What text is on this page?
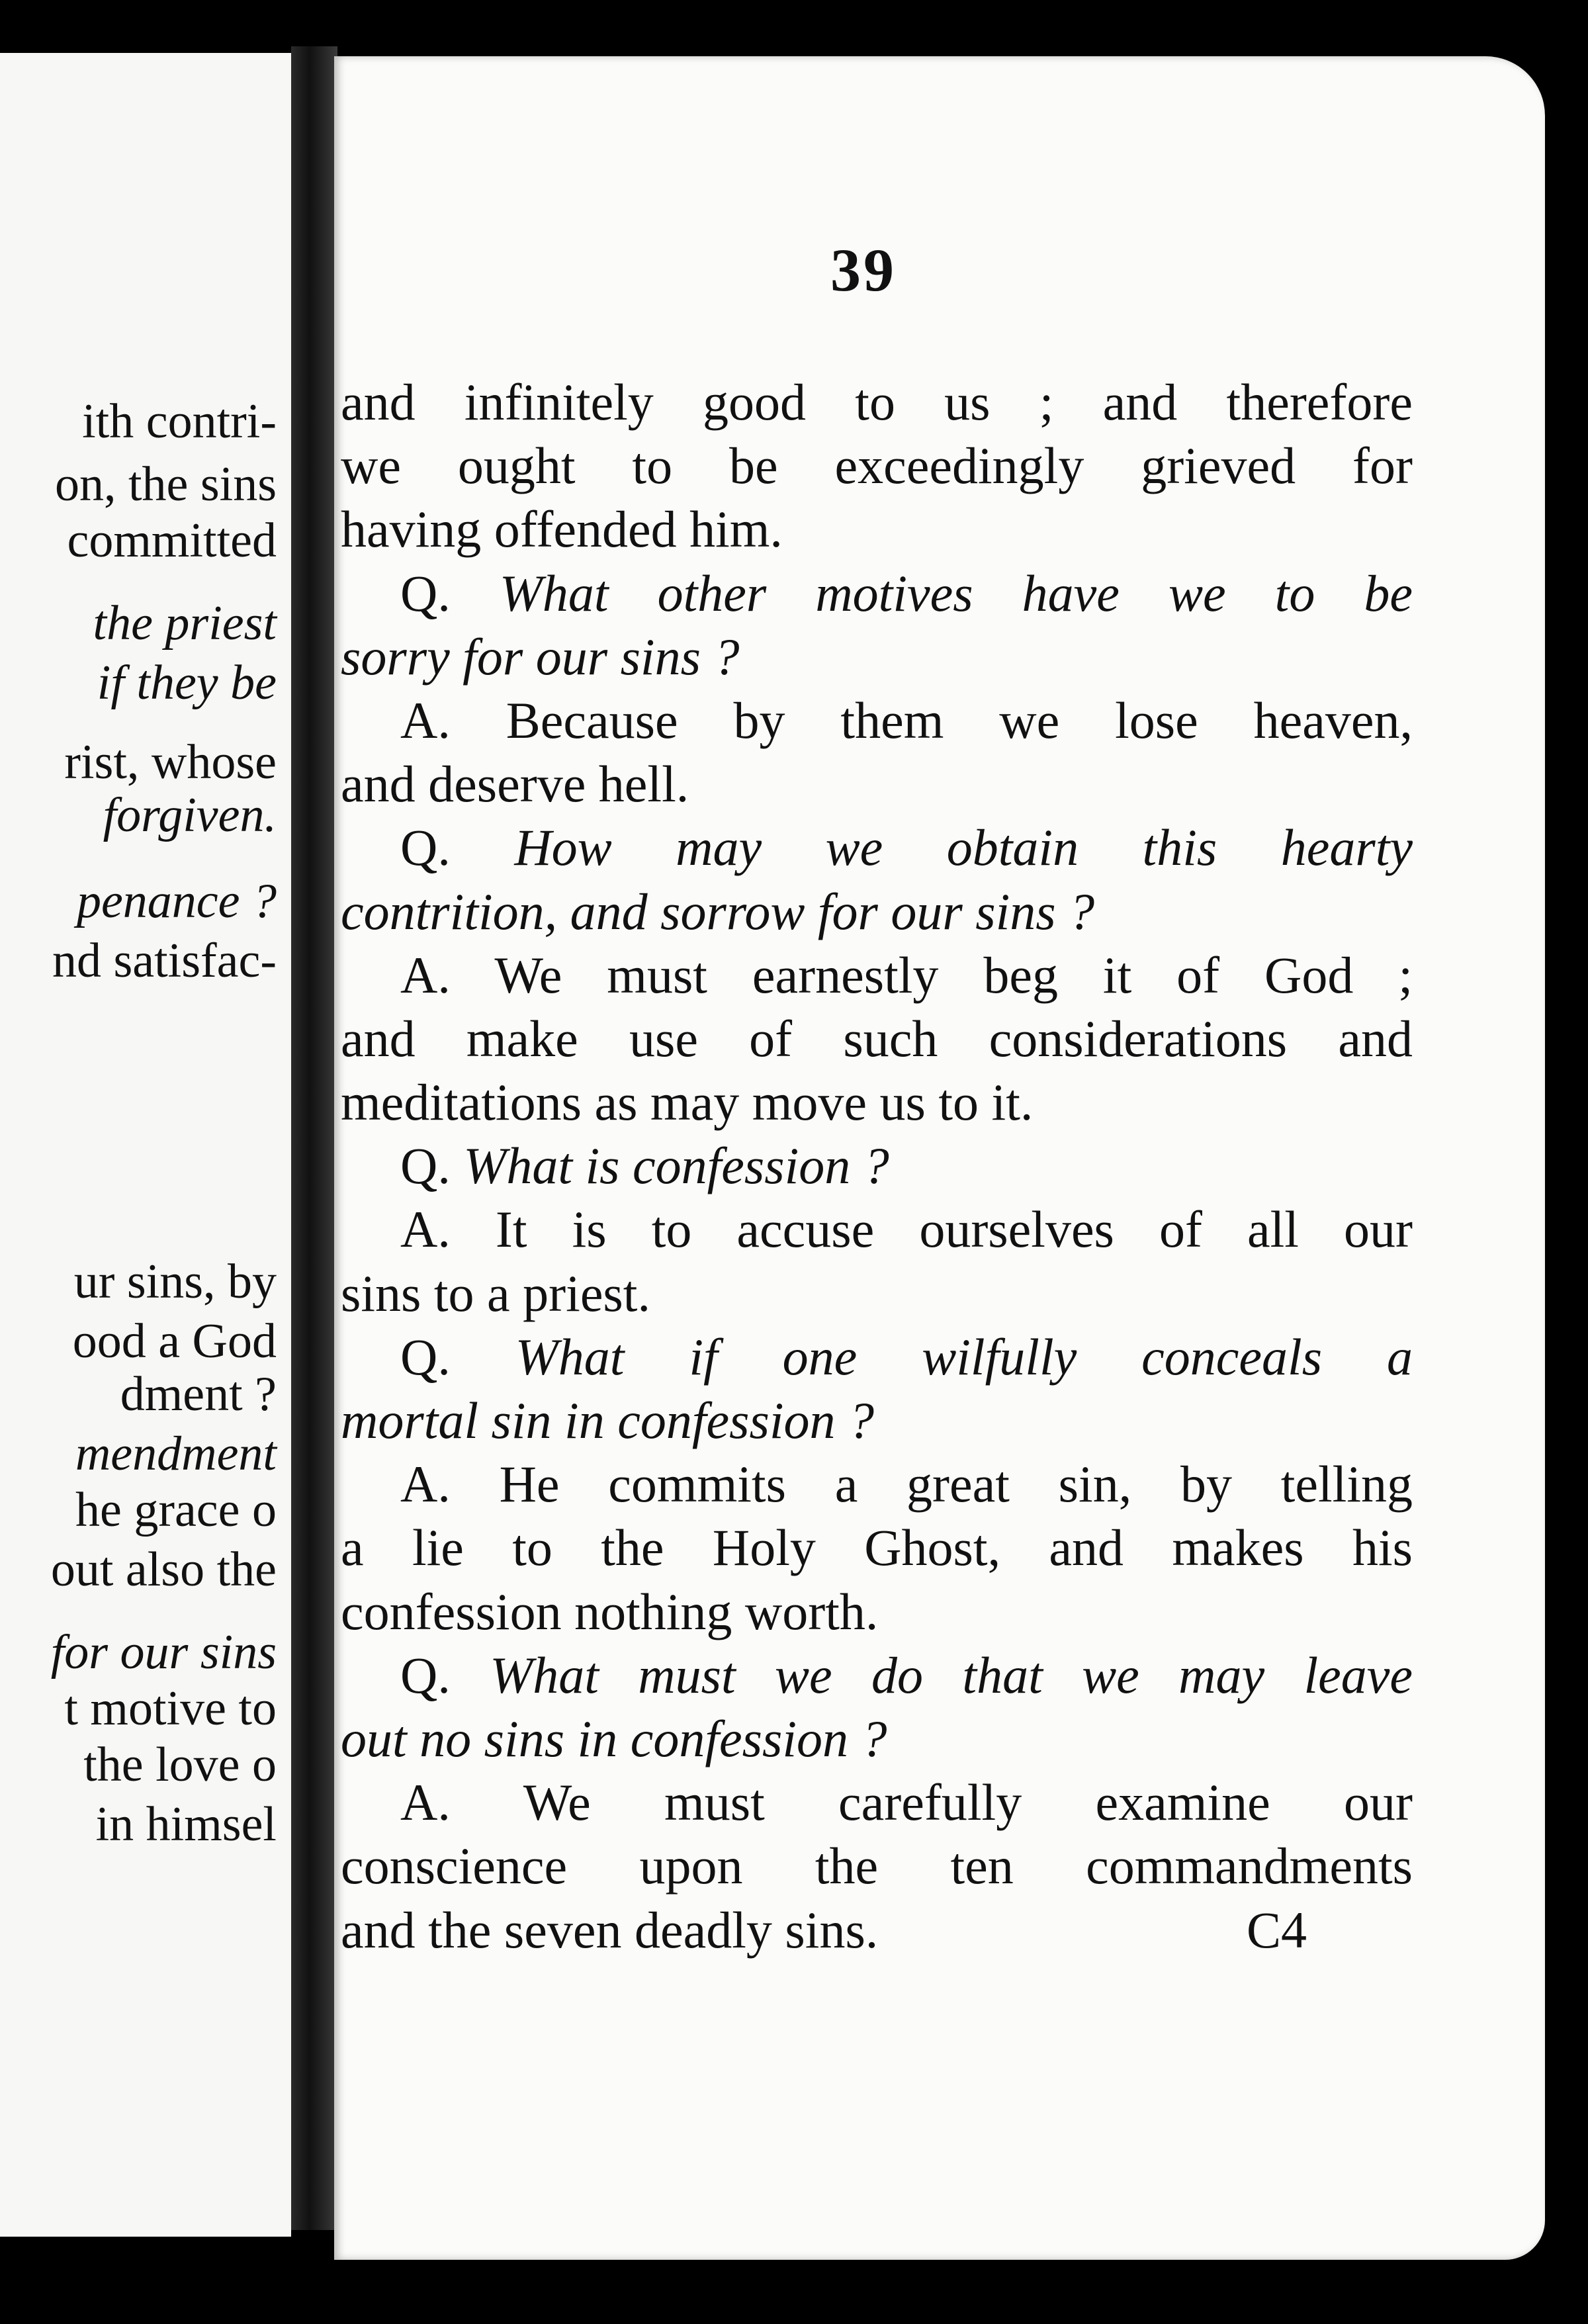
ith contri-
on, the sins
committed
the priest
if they be
rist, whose
forgiven.
penance ?
nd satisfac-
ur sins, by
ood a God
dment ?
mendment
he grace o
out also the
for our sins
t motive to
the love o
in himsel
39
and infinitely good to us ; and therefore
we ought to be exceedingly grieved for
having offended him.
Q. What other motives have we to be
sorry for our sins ?
A. Because by them we lose heaven,
and deserve hell.
Q. How may we obtain this hearty
contrition, and sorrow for our sins ?
A. We must earnestly beg it of God ;
and make use of such considerations and
meditations as may move us to it.
Q. What is confession ?
A. It is to accuse ourselves of all our
sins to a priest.
Q. What if one wilfully conceals a
mortal sin in confession ?
A. He commits a great sin, by telling
a lie to the Holy Ghost, and makes his
confession nothing worth.
Q. What must we do that we may leave
out no sins in confession ?
A. We must carefully examine our
conscience upon the ten commandments
and the seven deadly sins.	C4
